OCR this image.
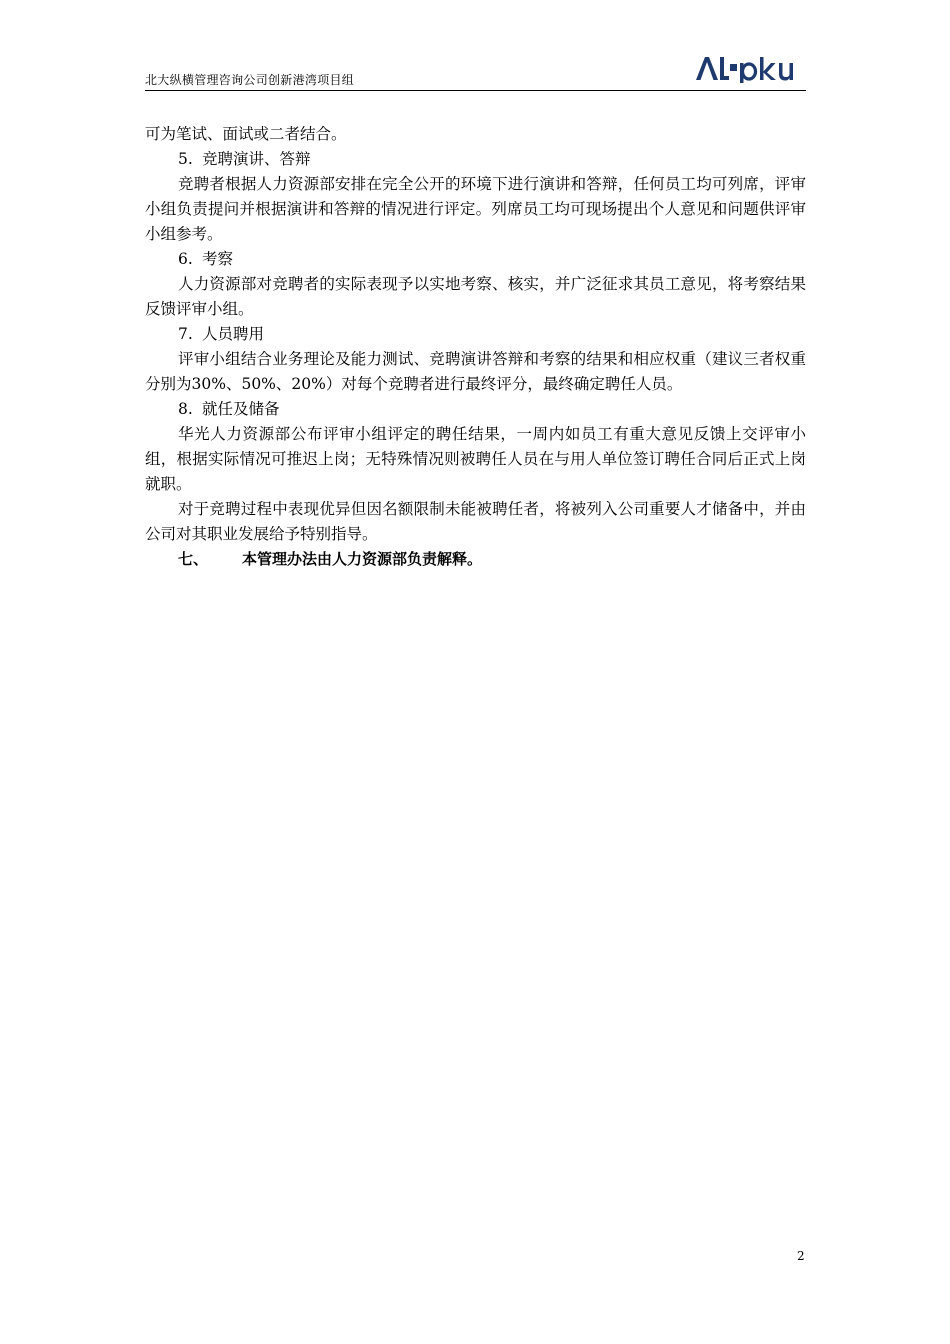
北大纵横管理咨询公司创新港湾项目组

可为笔试、面试或二者结合。

5. 竞聘演讲、答辩

竞聘者根据人力资源部安排在完全公开的环境下进行演讲和答辩，任何员工均可列席，评审小组负责提问并根据演讲和答辩的情况进行评定。列席员工均可现场提出个人意见和问题供评审小组参考。

6. 考察

人力资源部对竞聘者的实际表现予以实地考察、核实，并广泛征求其员工意见，将考察结果反馈评审小组。

7. 人员聘用

评审小组结合业务理论及能力测试、竞聘演讲答辩和考察的结果和相应权重（建议三者权重分别为30%、50%、20%）对每个竞聘者进行最终评分，最终确定聘任人员。

8. 就任及储备

华光人力资源部公布评审小组评定的聘任结果，一周内如员工有重大意见反馈上交评审小组，根据实际情况可推迟上岗；无特殊情况则被聘任人员在与用人单位签订聘任合同后正式上岗就职。

对于竞聘过程中表现优异但因名额限制未能被聘任者，将被列入公司重要人才储备中，并由公司对其职业发展给予特别指导。

七、 本管理办法由人力资源部负责解释。

2
